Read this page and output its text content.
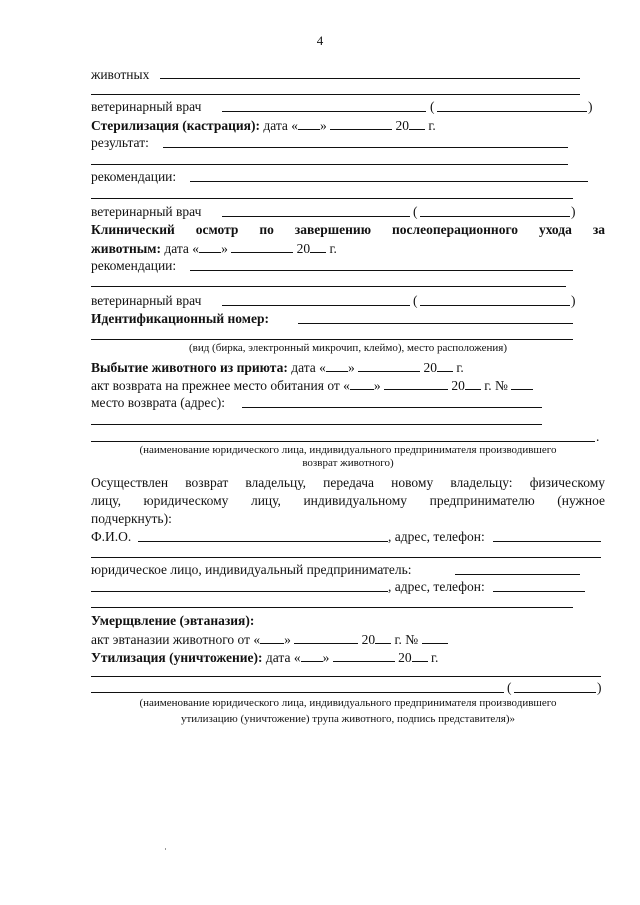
4
животных
ветеринарный врач	(	)
Стерилизация (кастрация): дата « »	20 г.
результат:
рекомендации:
ветеринарный врач	(	)
Клинический осмотр по завершению послеоперационного ухода за
животным: дата « »	20 г.
рекомендации:
ветеринарный врач	(	)
Идентификационный номер:
(вид (бирка, электронный микрочип, клеймо), место расположения)
Выбытие животного из приюта: дата « »	20 г.
акт возврата на прежнее место обитания от « »	20 г. №
место возврата (адрес):
.
(наименование юридического лица, индивидуального предпринимателя производившего
возврат животного)
Осуществлен возврат владельцу, передача новому владельцу: физическому
лицу, юридическому лицу, индивидуальному предпринимателю (нужное
подчеркнуть):
Ф.И.О.	, адрес, телефон:
юридическое лицо, индивидуальный предприниматель:
, адрес, телефон:
Умерщвление (эвтаназия):
акт эвтаназии животного от « »	20 г. №
Утилизация (уничтожение): дата « »	20 г.
(	)
(наименование юридического лица, индивидуального предпринимателя производившего
утилизацию (уничтожение) трупа животного, подпись представителя)»
